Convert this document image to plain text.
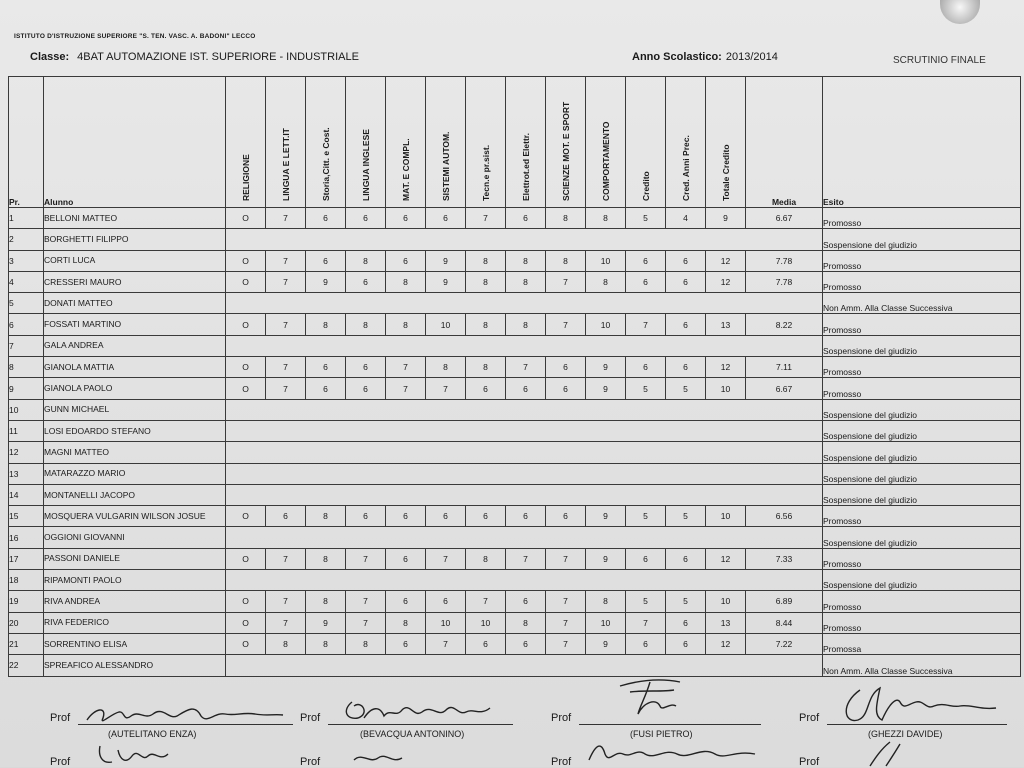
ISTITUTO D'ISTRUZIONE SUPERIORE "S. TEN. VASC. A. BADONI" LECCO
Classe: 4BAT AUTOMAZIONE IST. SUPERIORE - INDUSTRIALE	Anno Scolastico: 2013/2014	SCRUTINIO FINALE
Pr.	Alunno	RELIGIONE	LINGUA E LETT.IT	Storia,Citt. e Cost.	LINGUA INGLESE	MAT. E COMPL.	SISTEMI AUTOM.	Tecn.e pr.sist.	Elettrot.ed Elettr.	SCIENZE MOT. E SPORT	COMPORTAMENTO	Credito	Cred. Anni Prec.	Totale Credito	Media	Esito
1	BELLONI MATTEO	O	7	6	6	6	6	7	6	8	8	5	4	9	6.67	Promosso
2	BORGHETTI FILIPPO															Sospensione del giudizio
3	CORTI LUCA	O	7	6	8	6	9	8	8	8	10	6	6	12	7.78	Promosso
4	CRESSERI MAURO	O	7	9	6	8	9	8	8	7	8	6	6	12	7.78	Promosso
5	DONATI MATTEO															Non Amm. Alla Classe Successiva
6	FOSSATI MARTINO	O	7	8	8	8	10	8	8	7	10	7	6	13	8.22	Promosso
7	GALA ANDREA															Sospensione del giudizio
8	GIANOLA MATTIA	O	7	6	6	7	8	8	7	6	9	6	6	12	7.11	Promosso
9	GIANOLA PAOLO	O	7	6	6	7	7	6	6	6	9	5	5	10	6.67	Promosso
10	GUNN MICHAEL															Sospensione del giudizio
11	LOSI EDOARDO STEFANO															Sospensione del giudizio
12	MAGNI MATTEO															Sospensione del giudizio
13	MATARAZZO MARIO															Sospensione del giudizio
14	MONTANELLI JACOPO															Sospensione del giudizio
15	MOSQUERA VULGARIN WILSON JOSUE	O	6	8	6	6	6	6	6	6	9	5	5	10	6.56	Promosso
16	OGGIONI GIOVANNI															Sospensione del giudizio
17	PASSONI DANIELE	O	7	8	7	6	7	8	7	7	9	6	6	12	7.33	Promosso
18	RIPAMONTI PAOLO															Sospensione del giudizio
19	RIVA ANDREA	O	7	8	7	6	6	7	6	7	8	5	5	10	6.89	Promosso
20	RIVA FEDERICO	O	7	9	7	8	10	10	8	7	10	7	6	13	8.44	Promosso
21	SORRENTINO ELISA	O	8	8	8	6	7	6	6	7	9	6	6	12	7.22	Promossa
22	SPREAFICO ALESSANDRO															Non Amm. Alla Classe Successiva
Prof
(AUTELITANO ENZA)
Prof
(BEVACQUA ANTONINO)
Prof
(FUSI PIETRO)
Prof
(GHEZZI DAVIDE)
Prof	Prof	Prof	Prof
